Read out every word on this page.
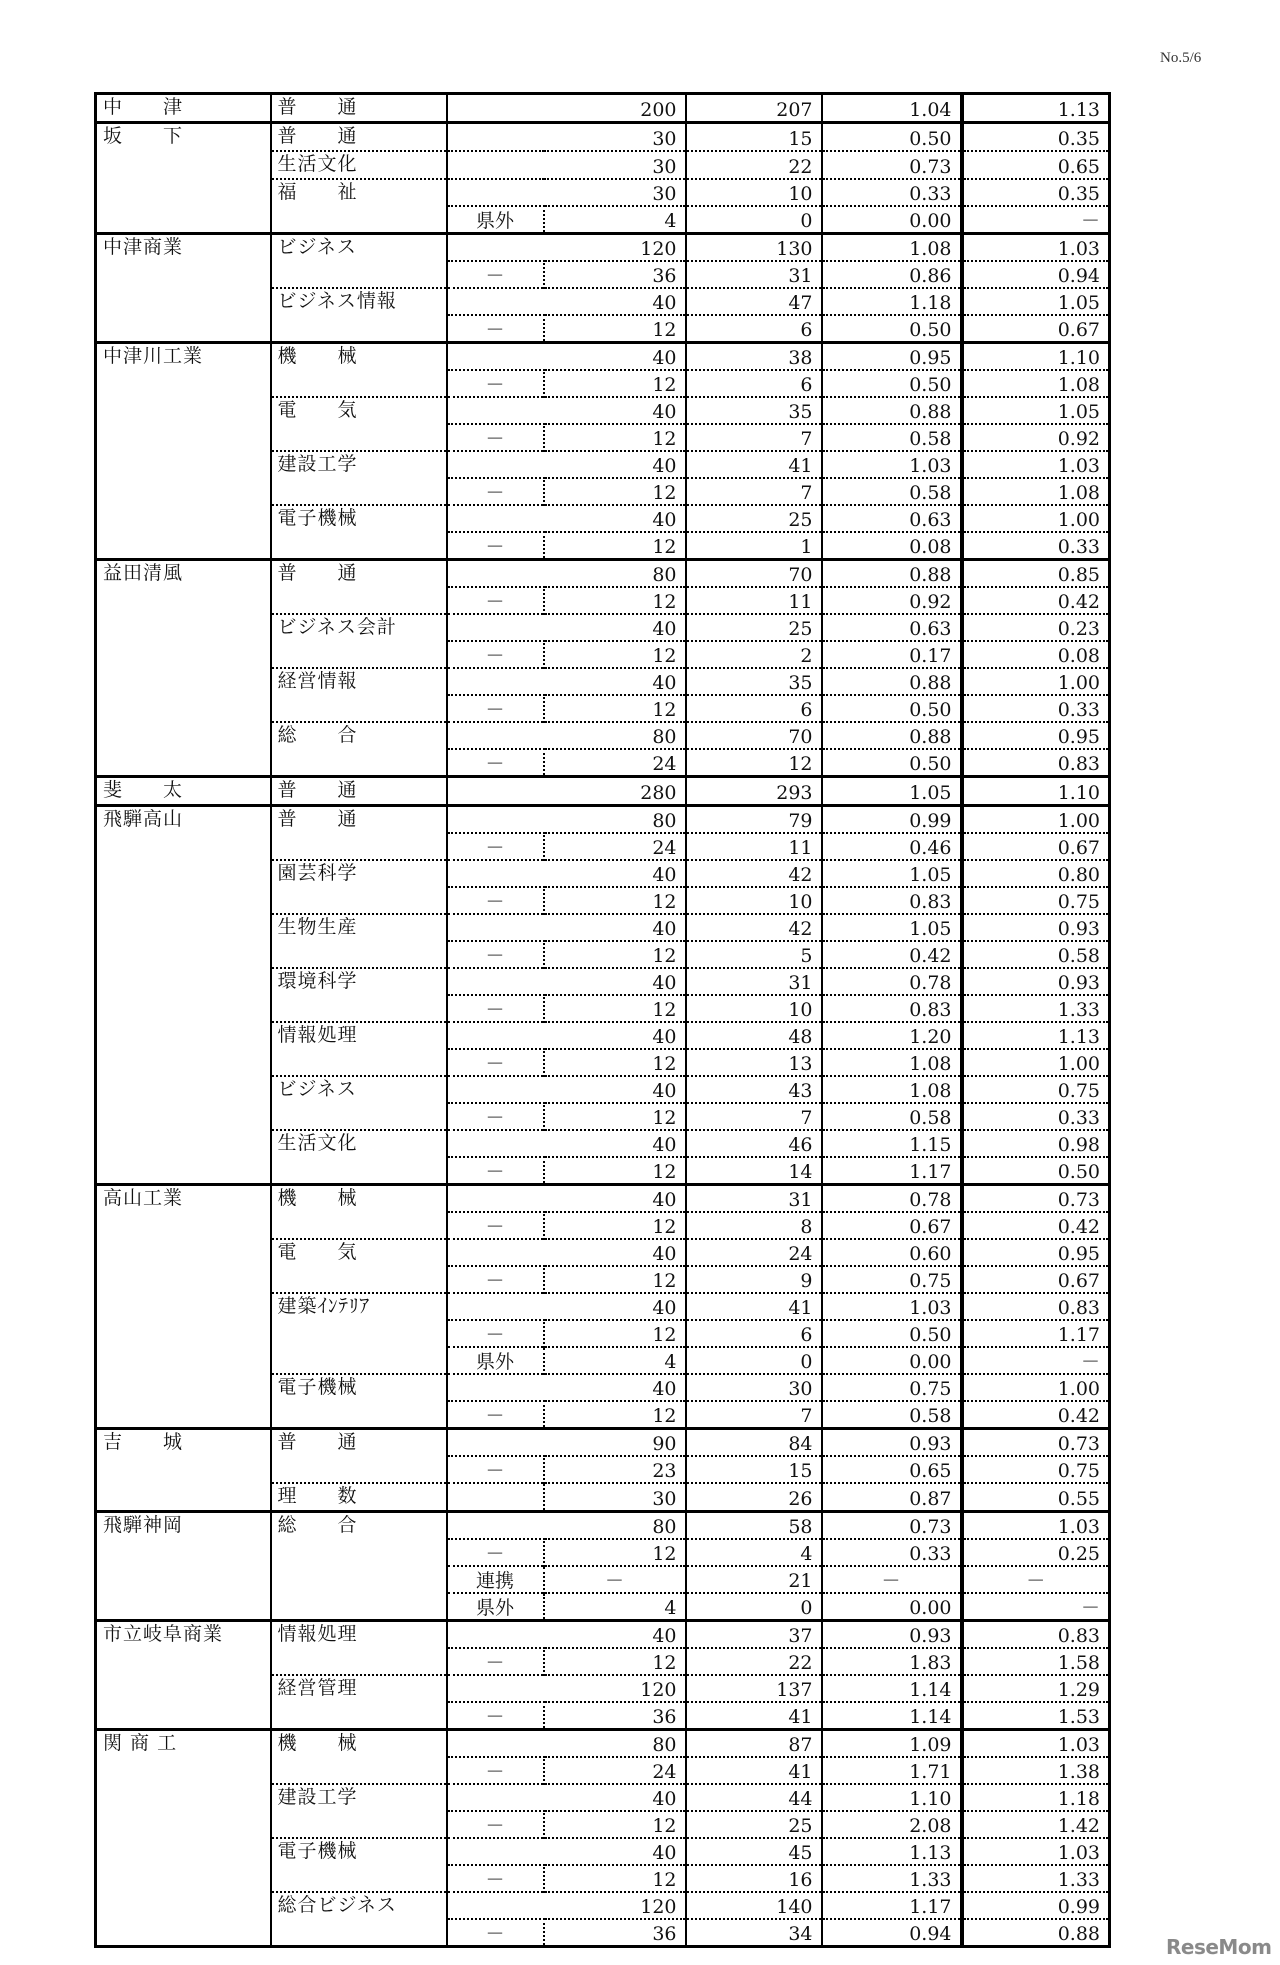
No.5/6
中　　津	普　　通	200		207	1.04	1.13
坂　　下	普　　通	30		15	0.50	0.35
	生活文化	30		22	0.73	0.65
	福　　祉	30		10	0.33	0.35
		県外	4	0	0.00	－
中津商業	ビジネス	120		130	1.08	1.03
		－	36	31	0.86	0.94
	ビジネス情報	40		47	1.18	1.05
		－	12	6	0.50	0.67
中津川工業	機　　械	40		38	0.95	1.10
		－	12	6	0.50	1.08
	電　　気	40		35	0.88	1.05
		－	12	7	0.58	0.92
	建設工学	40		41	1.03	1.03
		－	12	7	0.58	1.08
	電子機械	40		25	0.63	1.00
		－	12	1	0.08	0.33
益田清風	普　　通	80		70	0.88	0.85
		－	12	11	0.92	0.42
	ビジネス会計	40		25	0.63	0.23
		－	12	2	0.17	0.08
	経営情報	40		35	0.88	1.00
		－	12	6	0.50	0.33
	総　　合	80		70	0.88	0.95
		－	24	12	0.50	0.83
斐　　太	普　　通	280		293	1.05	1.10
飛騨高山	普　　通	80		79	0.99	1.00
		－	24	11	0.46	0.67
	園芸科学	40		42	1.05	0.80
		－	12	10	0.83	0.75
	生物生産	40		42	1.05	0.93
		－	12	5	0.42	0.58
	環境科学	40		31	0.78	0.93
		－	12	10	0.83	1.33
	情報処理	40		48	1.20	1.13
		－	12	13	1.08	1.00
	ビジネス	40		43	1.08	0.75
		－	12	7	0.58	0.33
	生活文化	40		46	1.15	0.98
		－	12	14	1.17	0.50
高山工業	機　　械	40		31	0.78	0.73
		－	12	8	0.67	0.42
	電　　気	40		24	0.60	0.95
		－	12	9	0.75	0.67
	建築ｲﾝﾃﾘｱ	40		41	1.03	0.83
		－	12	6	0.50	1.17
		県外	4	0	0.00	－
	電子機械	40		30	0.75	1.00
		－	12	7	0.58	0.42
吉　　城	普　　通	90		84	0.93	0.73
		－	23	15	0.65	0.75
	理　　数		30	26	0.87	0.55
飛騨神岡	総　　合	80		58	0.73	1.03
		－	12	4	0.33	0.25
		連携	－	21	－	－
		県外	4	0	0.00	－
市立岐阜商業	情報処理	40		37	0.93	0.83
		－	12	22	1.83	1.58
	経営管理	120		137	1.14	1.29
		－	36	41	1.14	1.53
関 商 工	機　　械	80		87	1.09	1.03
		－	24	41	1.71	1.38
	建設工学	40		44	1.10	1.18
		－	12	25	2.08	1.42
	電子機械	40		45	1.13	1.03
		－	12	16	1.33	1.33
	総合ビジネス	120		140	1.17	0.99
		－	36	34	0.94	0.88
ReseMom
